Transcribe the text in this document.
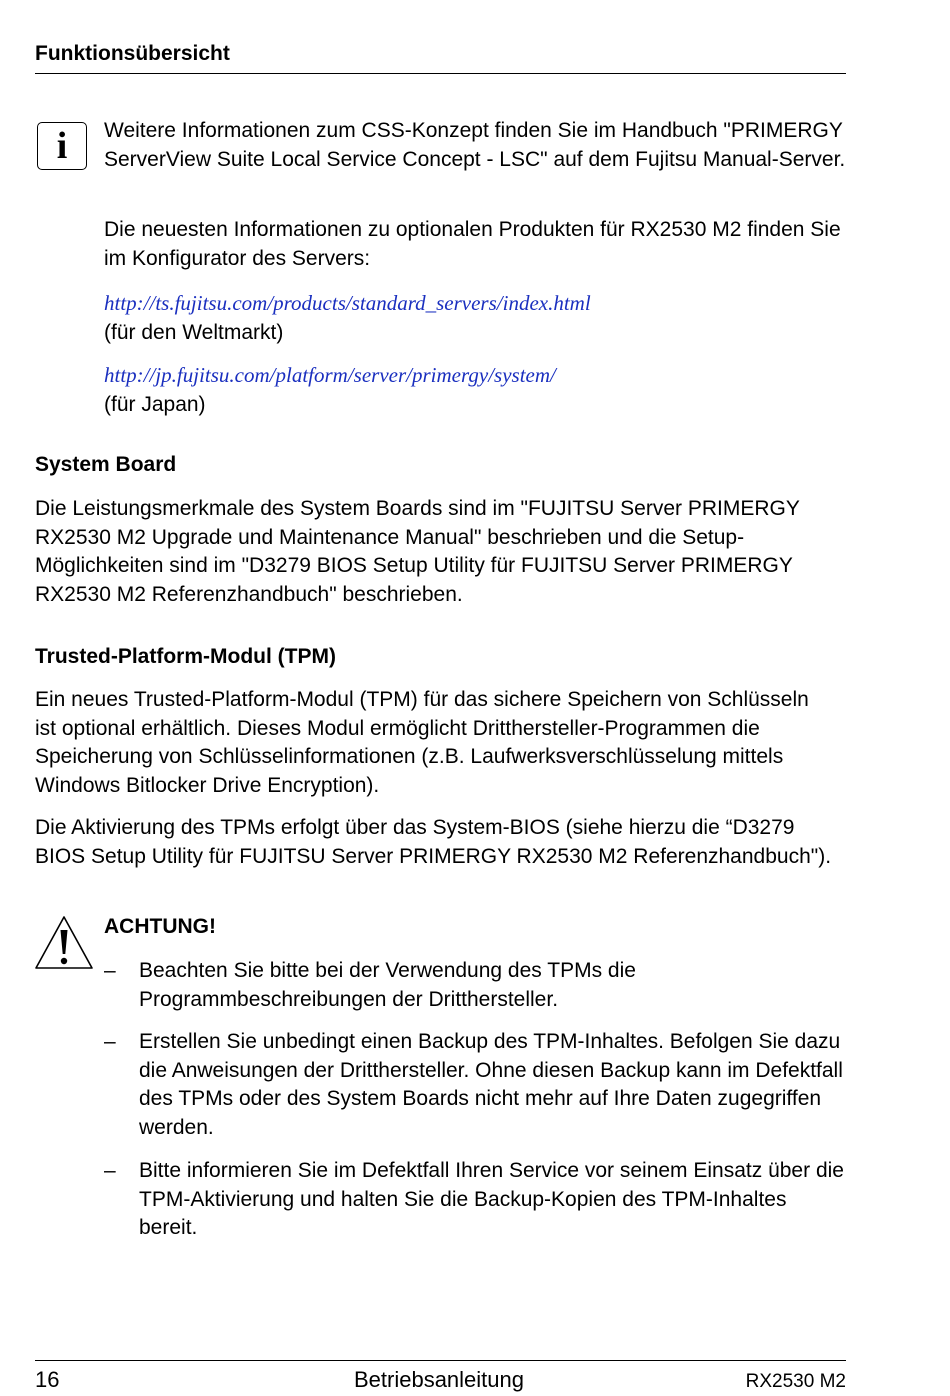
Funktionsübersicht
i	Weitere Informationen zum CSS-Konzept finden Sie im Handbuch "PRIMERGY ServerView Suite Local Service Concept - LSC" auf dem Fujitsu Manual-Server.

Die neuesten Informationen zu optionalen Produkten für RX2530 M2 finden Sie im Konfigurator des Servers:

http://ts.fujitsu.com/products/standard_servers/index.html
(für den Weltmarkt)
http://jp.fujitsu.com/platform/server/primergy/system/
(für Japan)
System Board

Die Leistungsmerkmale des System Boards sind im "FUJITSU Server PRIMERGY RX2530 M2 Upgrade und Maintenance Manual" beschrieben und die Setup-Möglichkeiten sind im "D3279 BIOS Setup Utility für FUJITSU Server PRIMERGY RX2530 M2 Referenzhandbuch" beschrieben.

Trusted-Platform-Modul (TPM)

Ein neues Trusted-Platform-Modul (TPM) für das sichere Speichern von Schlüsseln ist optional erhältlich. Dieses Modul ermöglicht Dritthersteller-Programmen die Speicherung von Schlüsselinformationen (z.B. Laufwerksverschlüsselung mittels Windows Bitlocker Drive Encryption).

Die Aktivierung des TPMs erfolgt über das System-BIOS (siehe hierzu die “D3279 BIOS Setup Utility für FUJITSU Server PRIMERGY RX2530 M2 Referenzhandbuch").

ACHTUNG!
– Beachten Sie bitte bei der Verwendung des TPMs die Programmbeschreibungen der Dritthersteller.

– Erstellen Sie unbedingt einen Backup des TPM-Inhaltes. Befolgen Sie dazu die Anweisungen der Dritthersteller. Ohne diesen Backup kann im Defektfall des TPMs oder des System Boards nicht mehr auf Ihre Daten zugegriffen werden.

– Bitte informieren Sie im Defektfall Ihren Service vor seinem Einsatz über die TPM-Aktivierung und halten Sie die Backup-Kopien des TPM-Inhaltes bereit.

16	Betriebsanleitung	RX2530 M2
